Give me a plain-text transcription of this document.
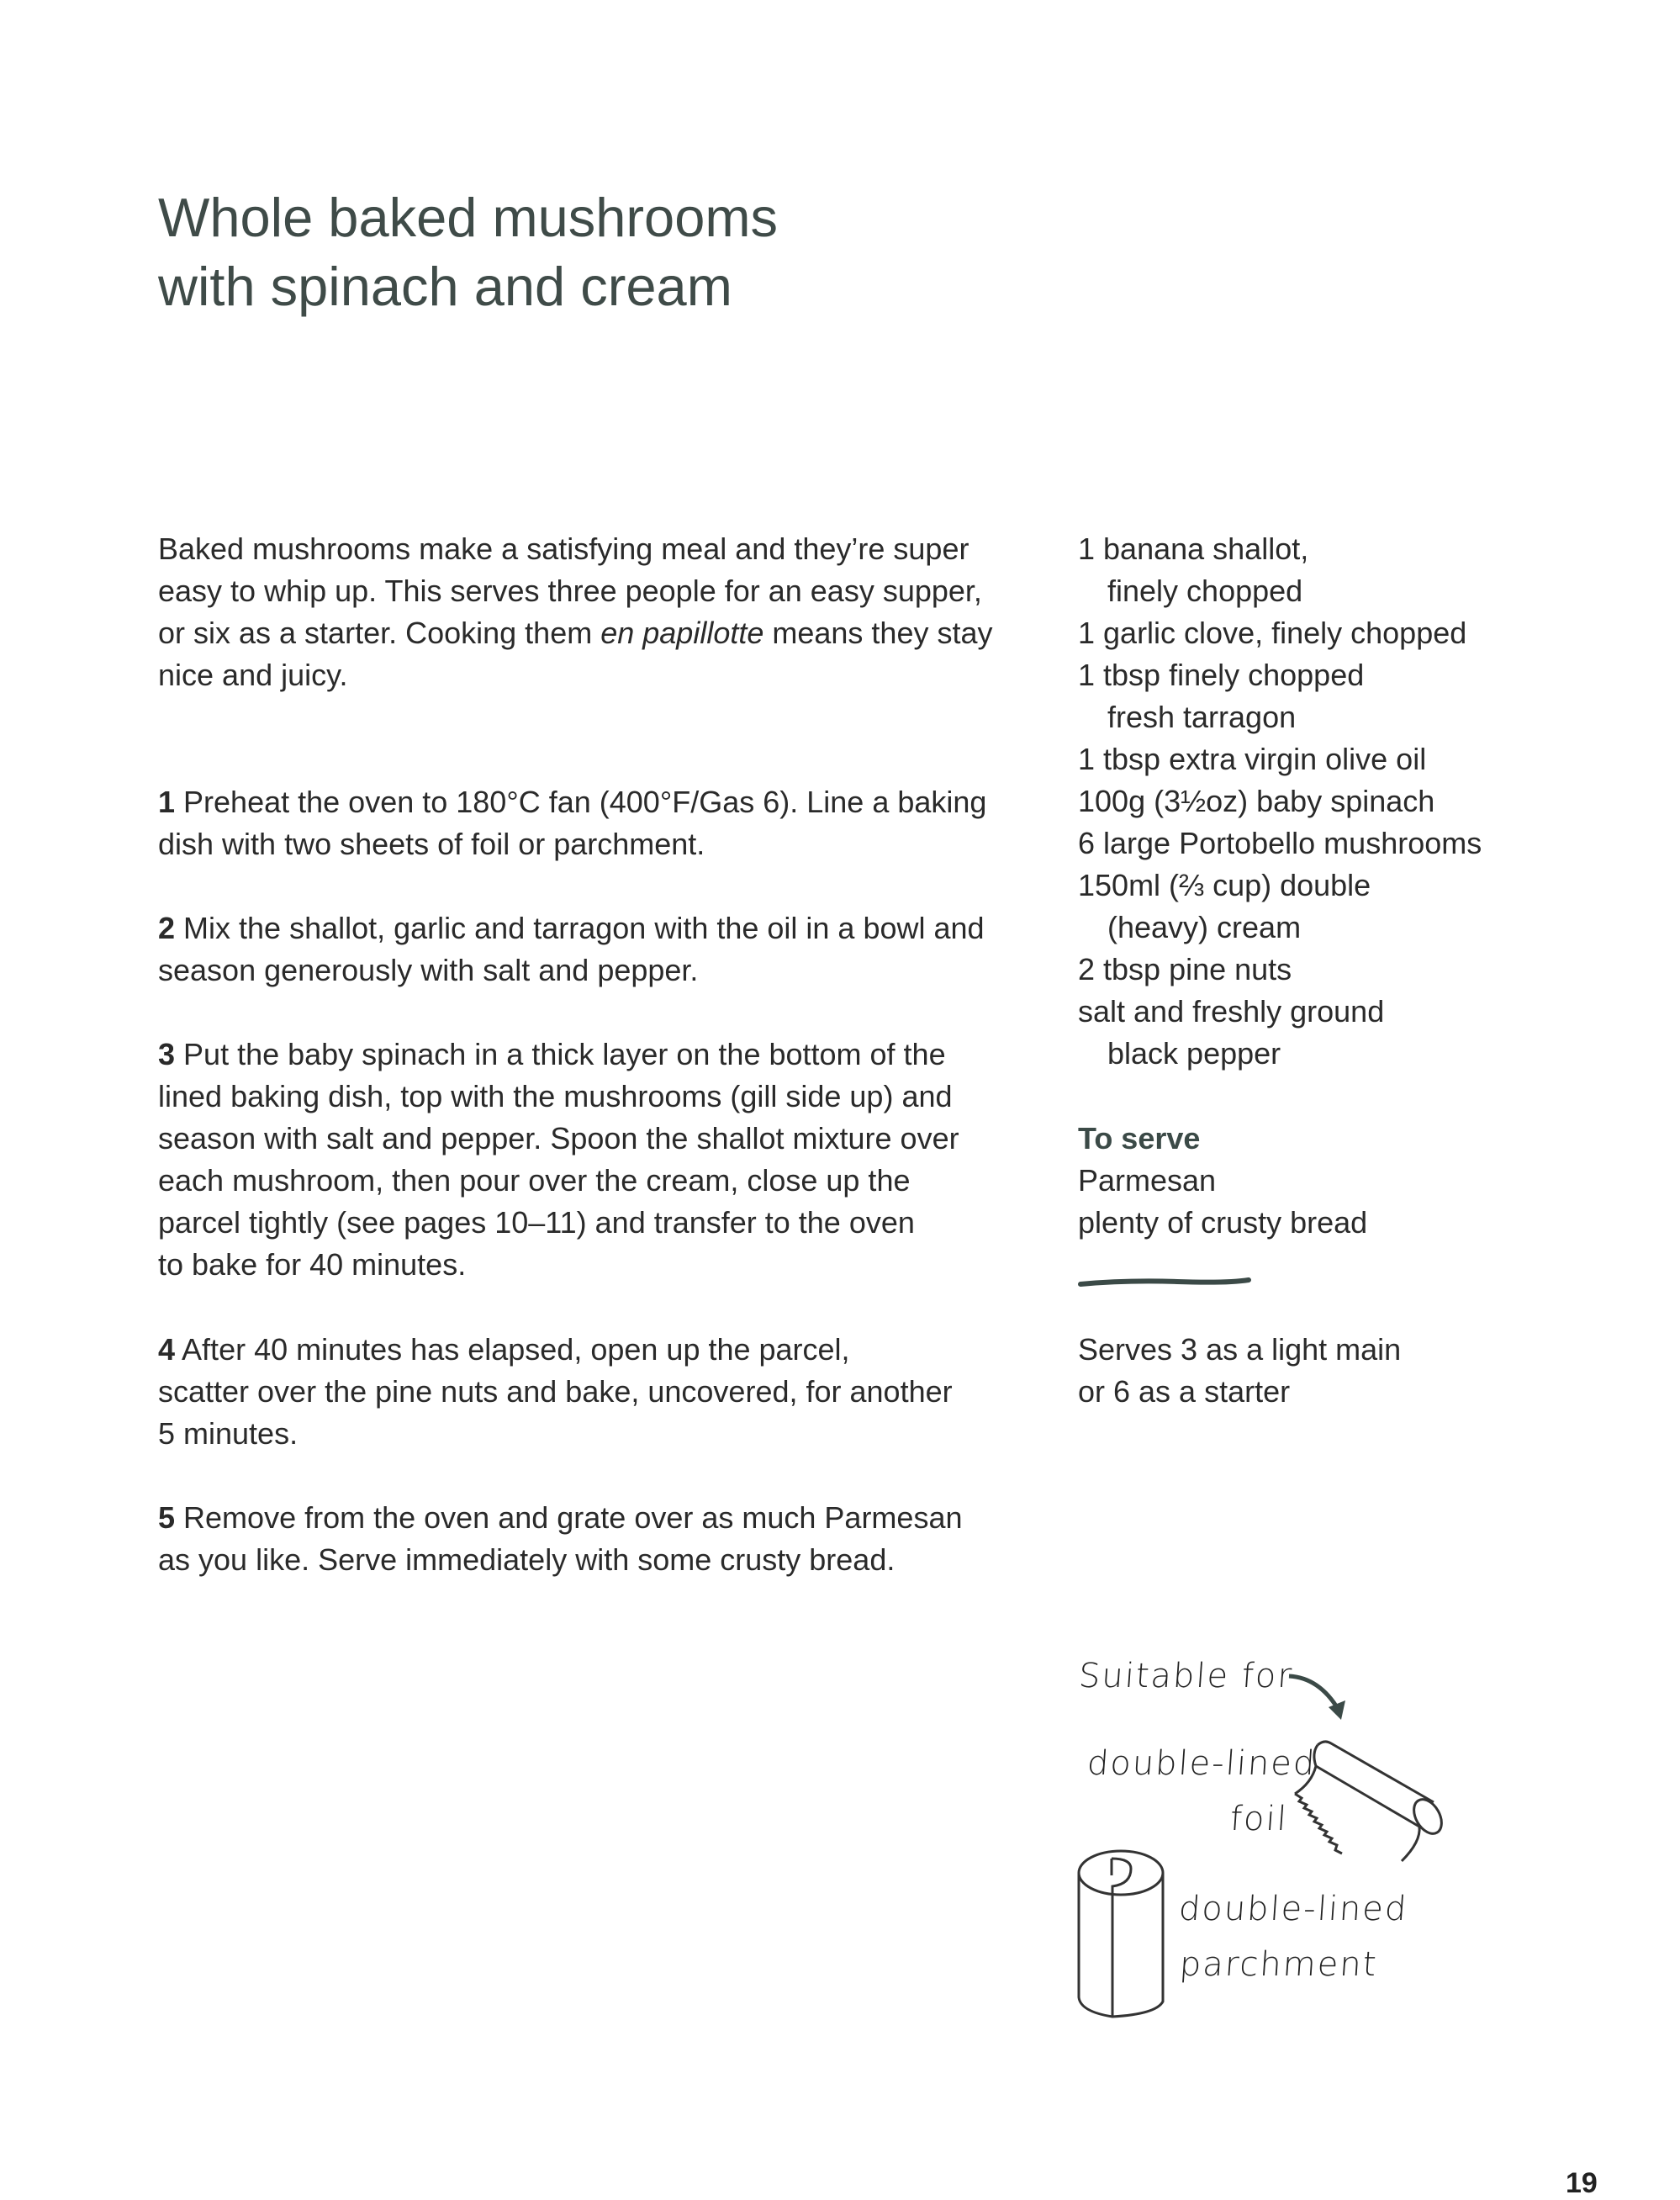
Whole baked mushrooms
with spinach and cream
Baked mushrooms make a satisfying meal and they’re super
easy to whip up. This serves three people for an easy supper,
or six as a starter. Cooking them en papillotte means they stay
nice and juicy.
1 Preheat the oven to 180°C fan (400°F/Gas 6). Line a baking
dish with two sheets of foil or parchment.
2 Mix the shallot, garlic and tarragon with the oil in a bowl and
season generously with salt and pepper.
3 Put the baby spinach in a thick layer on the bottom of the
lined baking dish, top with the mushrooms (gill side up) and
season with salt and pepper. Spoon the shallot mixture over
each mushroom, then pour over the cream, close up the
parcel tightly (see pages 10–11) and transfer to the oven
to bake for 40 minutes.
4 After 40 minutes has elapsed, open up the parcel,
scatter over the pine nuts and bake, uncovered, for another
5 minutes.
5 Remove from the oven and grate over as much Parmesan
as you like. Serve immediately with some crusty bread.
1 banana shallot,
finely chopped
1 garlic clove, finely chopped
1 tbsp finely chopped
fresh tarragon
1 tbsp extra virgin olive oil
100g (3½oz) baby spinach
6 large Portobello mushrooms
150ml (⅔ cup) double
(heavy) cream
2 tbsp pine nuts
salt and freshly ground
black pepper
To serve
Parmesan
plenty of crusty bread
Suitable for
double-lined
foil
double-lined
parchment
19
Serves 3 as a light main
or 6 as a starter
